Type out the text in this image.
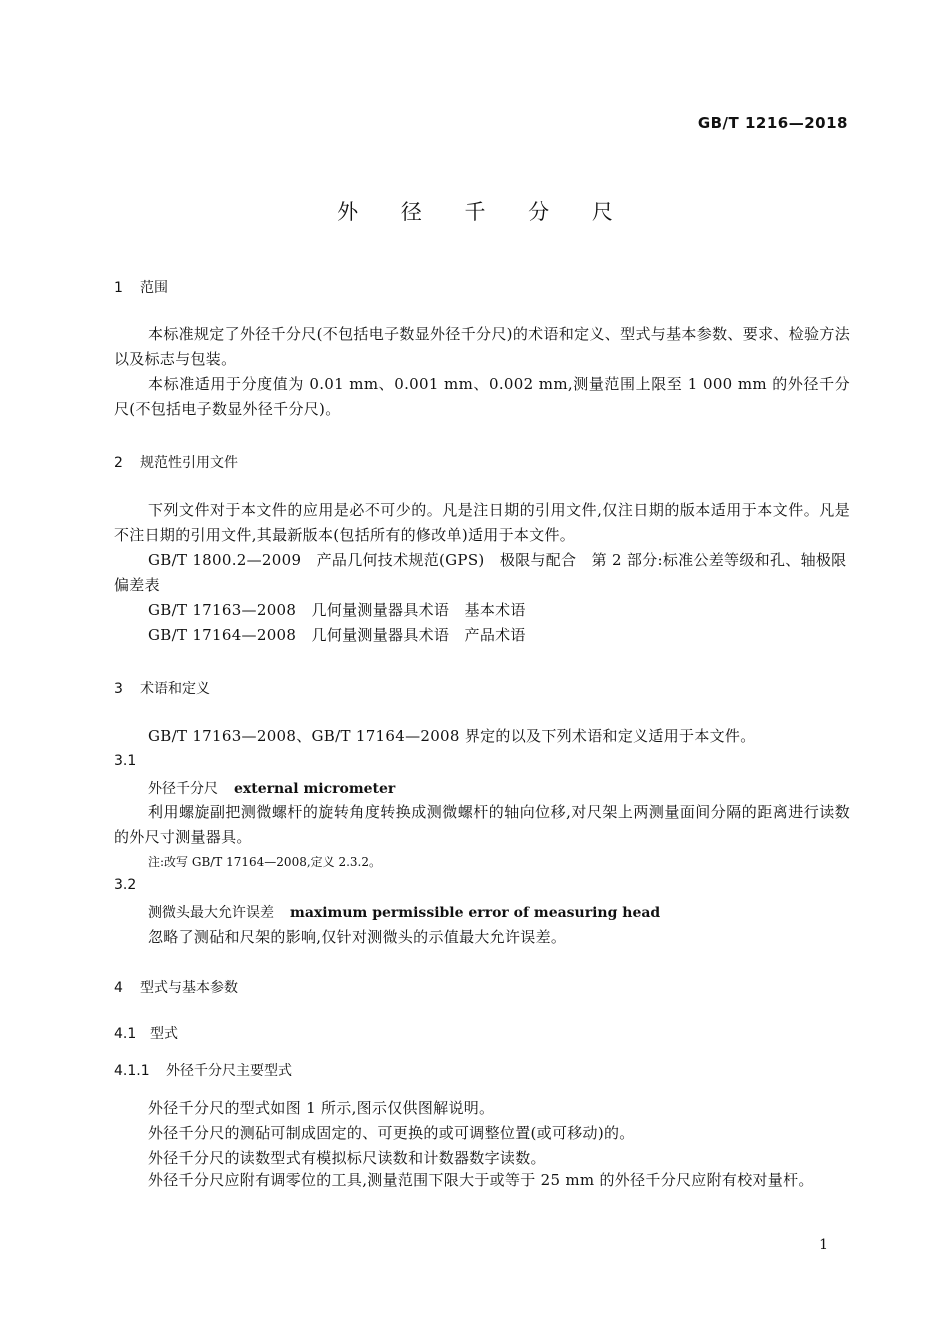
GB/T 1216—2018
外 径 千 分 尺
1 范围
本标准规定了外径千分尺(不包括电子数显外径千分尺)的术语和定义、型式与基本参数、要求、检验方法以及标志与包装。
本标准适用于分度值为 0.01 mm、0.001 mm、0.002 mm,测量范围上限至 1 000 mm 的外径千分尺(不包括电子数显外径千分尺)。
2 规范性引用文件
下列文件对于本文件的应用是必不可少的。凡是注日期的引用文件,仅注日期的版本适用于本文件。凡是不注日期的引用文件,其最新版本(包括所有的修改单)适用于本文件。
GB/T 1800.2—2009　产品几何技术规范(GPS)　极限与配合　第 2 部分:标准公差等级和孔、轴极限偏差表
GB/T 17163—2008　几何量测量器具术语　基本术语
GB/T 17164—2008　几何量测量器具术语　产品术语
3 术语和定义
GB/T 17163—2008、GB/T 17164—2008 界定的以及下列术语和定义适用于本文件。
3.1
外径千分尺 external micrometer
利用螺旋副把测微螺杆的旋转角度转换成测微螺杆的轴向位移,对尺架上两测量面间分隔的距离进行读数的外尺寸测量器具。
注:改写 GB/T 17164—2008,定义 2.3.2。
3.2
测微头最大允许误差 maximum permissible error of measuring head
忽略了测砧和尺架的影响,仅针对测微头的示值最大允许误差。
4 型式与基本参数
4.1 型式
4.1.1 外径千分尺主要型式
外径千分尺的型式如图 1 所示,图示仅供图解说明。
外径千分尺的测砧可制成固定的、可更换的或可调整位置(或可移动)的。
外径千分尺的读数型式有模拟标尺读数和计数器数字读数。
外径千分尺应附有调零位的工具,测量范围下限大于或等于 25 mm 的外径千分尺应附有校对量杆。
1
